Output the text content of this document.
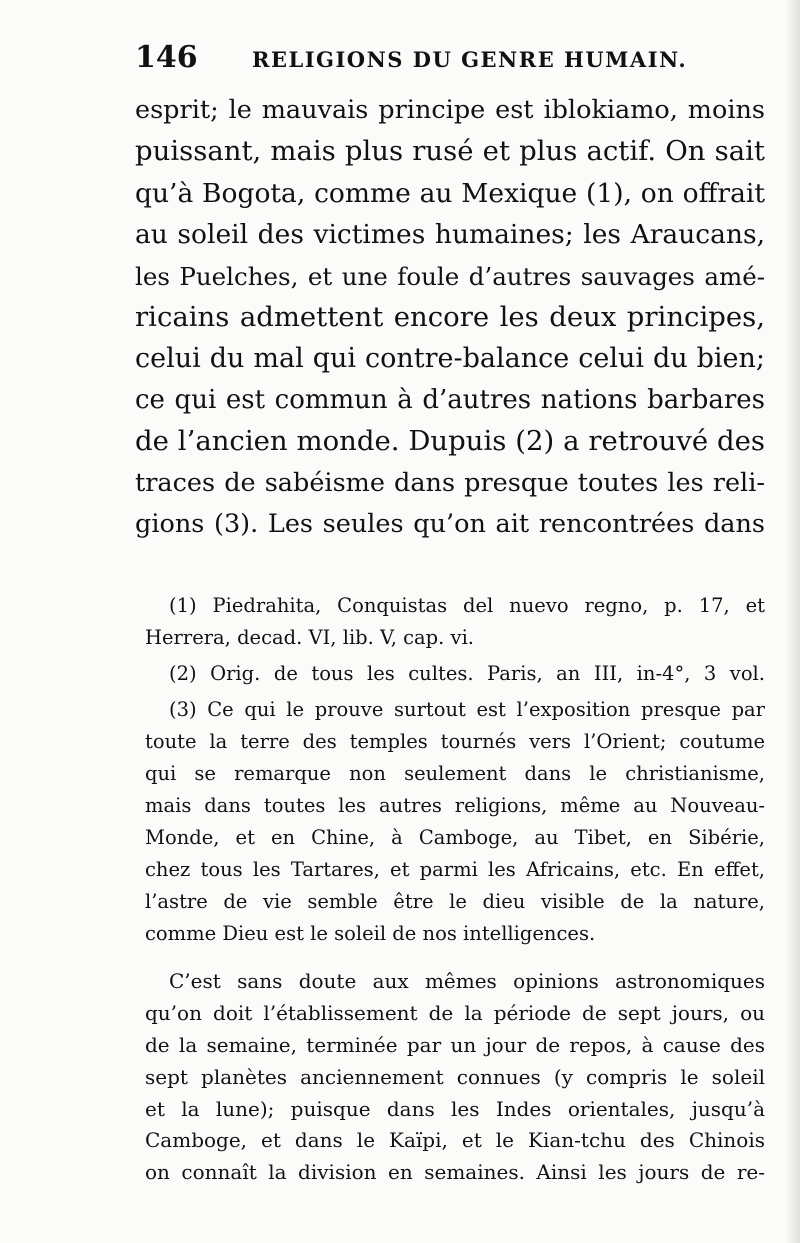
146	RELIGIONS DU GENRE HUMAIN.
esprit; le mauvais principe est iblokiamo, moins
puissant, mais plus rusé et plus actif. On sait
qu’à Bogota, comme au Mexique (1), on offrait
au soleil des victimes humaines; les Araucans,
les Puelches, et une foule d’autres sauvages amé-
ricains admettent encore les deux principes,
celui du mal qui contre-balance celui du bien;
ce qui est commun à d’autres nations barbares
de l’ancien monde. Dupuis (2) a retrouvé des
traces de sabéisme dans presque toutes les reli-
gions (3). Les seules qu’on ait rencontrées dans
(1) Piedrahita, Conquistas del nuevo regno, p. 17, et
Herrera, decad. VI, lib. V, cap. vi.
(2) Orig. de tous les cultes. Paris, an III, in-4°, 3 vol.
(3) Ce qui le prouve surtout est l’exposition presque par
toute la terre des temples tournés vers l’Orient; coutume
qui se remarque non seulement dans le christianisme,
mais dans toutes les autres religions, même au Nouveau-
Monde, et en Chine, à Camboge, au Tibet, en Sibérie,
chez tous les Tartares, et parmi les Africains, etc. En effet,
l’astre de vie semble être le dieu visible de la nature,
comme Dieu est le soleil de nos intelligences.
C’est sans doute aux mêmes opinions astronomiques
qu’on doit l’établissement de la période de sept jours, ou
de la semaine, terminée par un jour de repos, à cause des
sept planètes anciennement connues (y compris le soleil
et la lune); puisque dans les Indes orientales, jusqu’à
Camboge, et dans le Kaïpi, et le Kian-tchu des Chinois
on connaît la division en semaines. Ainsi les jours de re-
